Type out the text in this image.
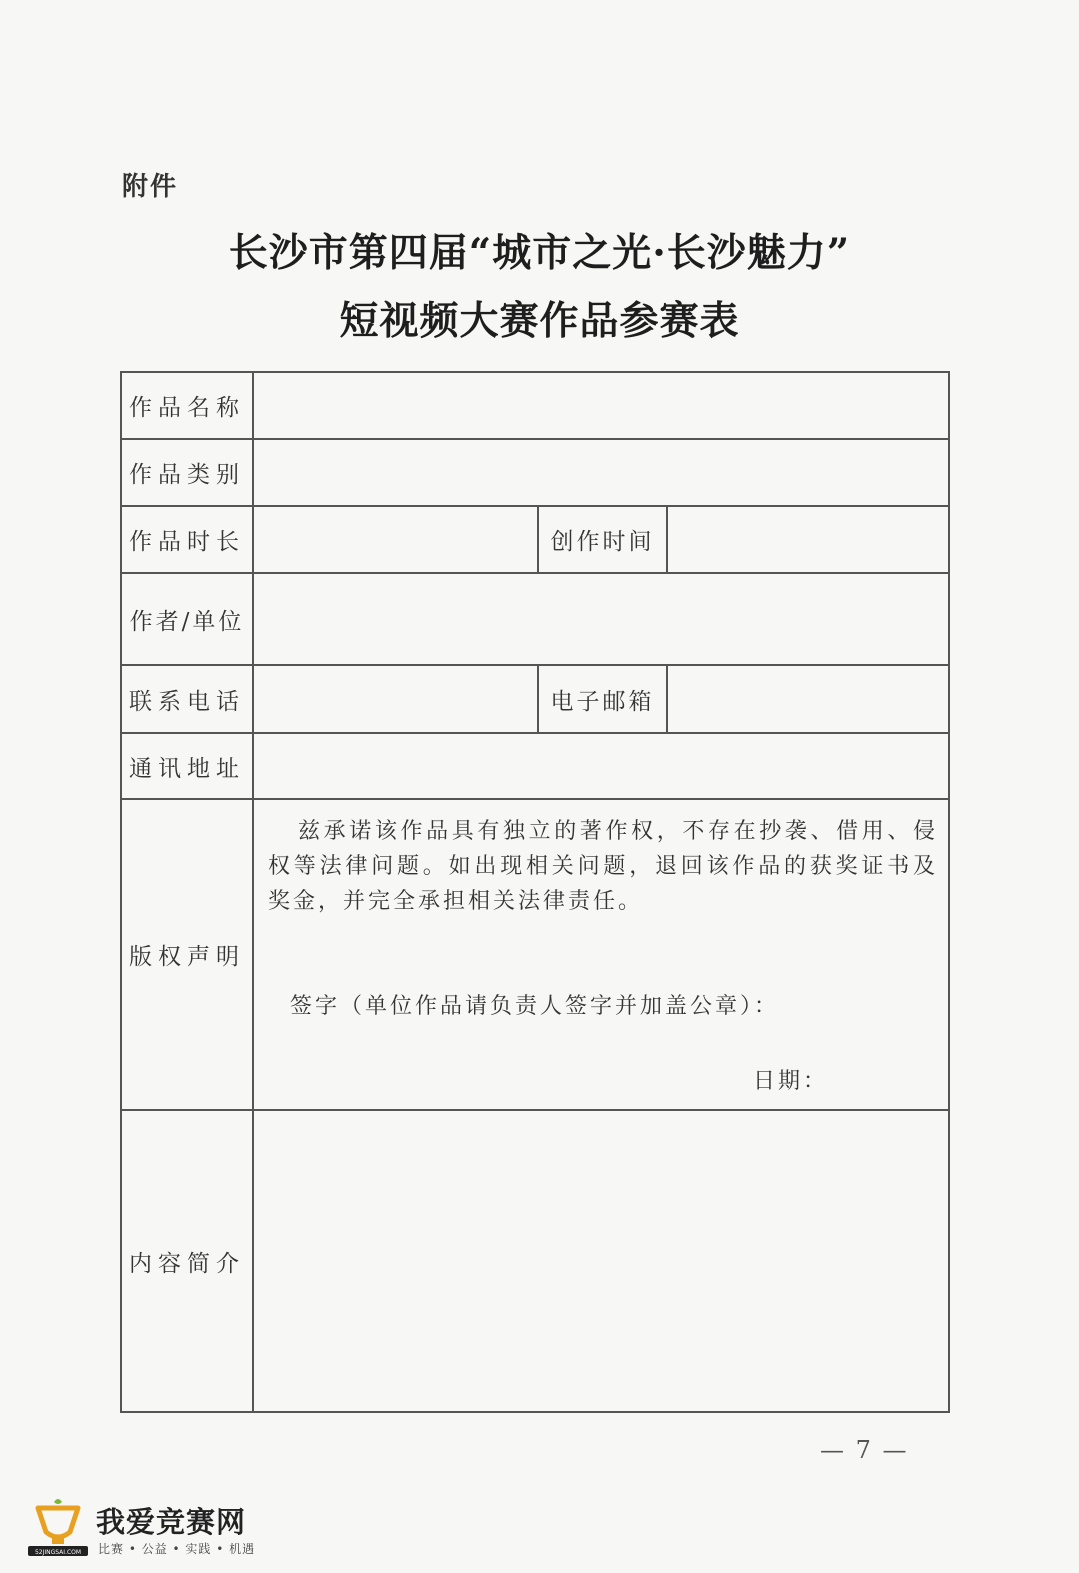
附件
长沙市第四届“城市之光·长沙魅力”
短视频大赛作品参赛表
作品名称			
作品类别			
作品时长		创作时间	
作者/单位			
联系电话		电子邮箱	
通讯地址			
版权声明	兹承诺该作品具有独立的著作权，不存在抄袭、借用、侵权等法律问题。如出现相关问题，退回该作品的获奖证书及奖金，并完全承担相关法律责任。
签字（单位作品请负责人签字并加盖公章）：
日期：		

内容简介			
— 7 —
52JINGSAI.COM
我爱竞赛网
比赛 • 公益 • 实践 • 机遇
